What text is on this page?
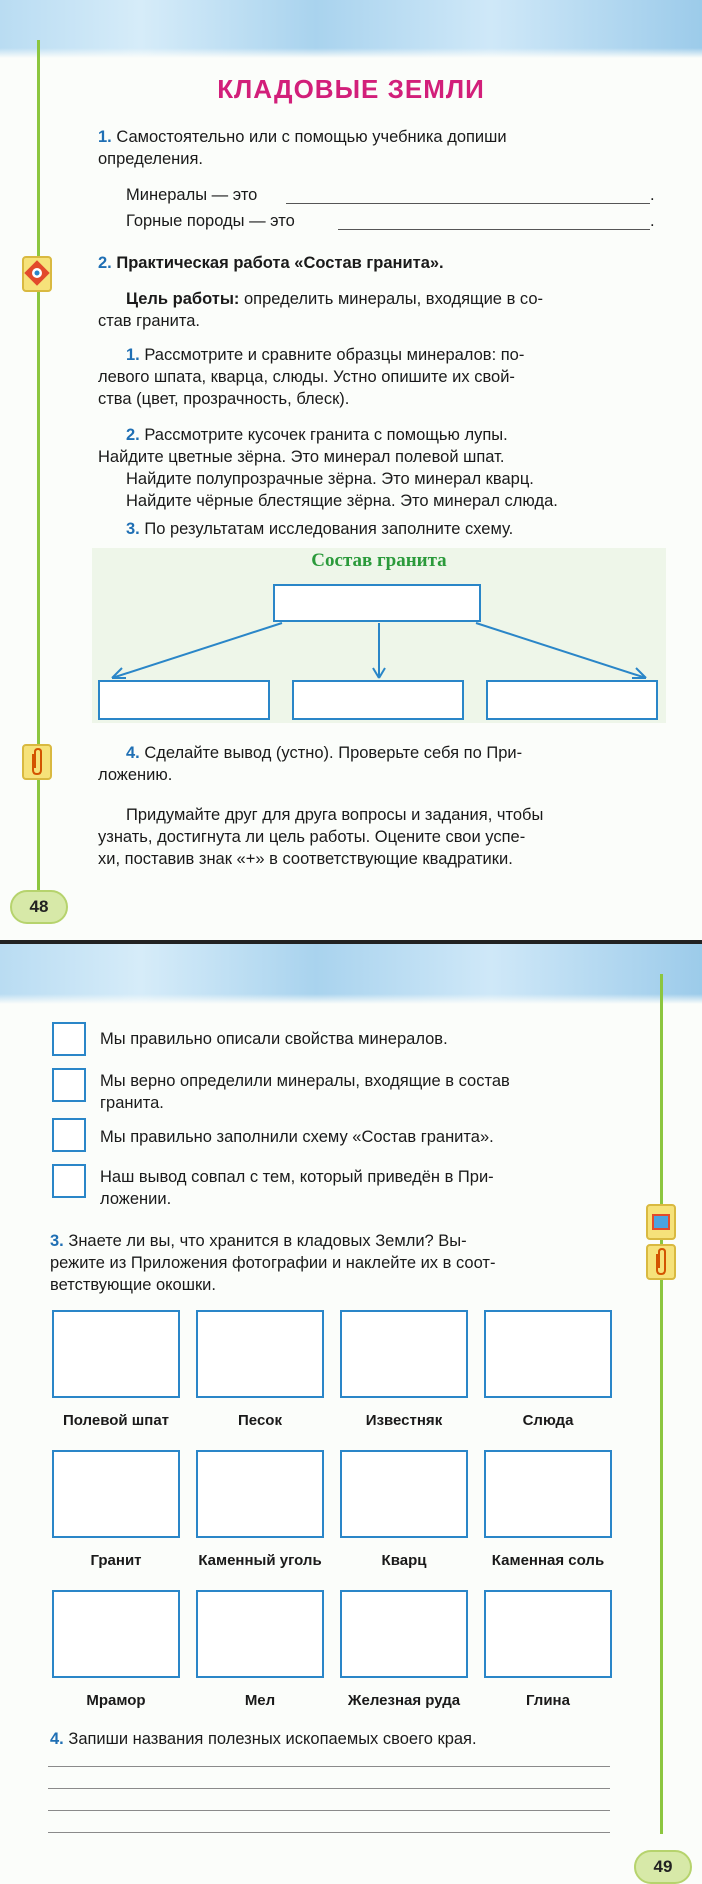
КЛАДОВЫЕ ЗЕМЛИ
1. Самостоятельно или с помощью учебника допиши
определения.
Минералы — это	.
Горные породы — это	.
2. Практическая работа «Состав гранита».
Цель работы: определить минералы, входящие в со-
став гранита.
1. Рассмотрите и сравните образцы минералов: по-
левого шпата, кварца, слюды. Устно опишите их свой-
ства (цвет, прозрачность, блеск).
2. Рассмотрите кусочек гранита с помощью лупы.
Найдите цветные зёрна. Это минерал полевой шпат.
Найдите полупрозрачные зёрна. Это минерал кварц.
Найдите чёрные блестящие зёрна. Это минерал слюда.
3. По результатам исследования заполните схему.
Состав гранита
4. Сделайте вывод (устно). Проверьте себя по При-
ложению.
Придумайте друг для друга вопросы и задания, чтобы
узнать, достигнута ли цель работы. Оцените свои успе-
хи, поставив знак «+» в соответствующие квадратики.
48
Мы правильно описали свойства минералов.
Мы верно определили минералы, входящие в состав
гранита.
Мы правильно заполнили схему «Состав гранита».
Наш вывод совпал с тем, который приведён в При-
ложении.
3. Знаете ли вы, что хранится в кладовых Земли? Вы-
режите из Приложения фотографии и наклейте их в соот-
ветствующие окошки.
Полевой шпат	Песок	Известняк	Слюда
Гранит	Каменный уголь	Кварц	Каменная соль
Мрамор	Мел	Железная руда	Глина
4. Запиши названия полезных ископаемых своего края.
49
